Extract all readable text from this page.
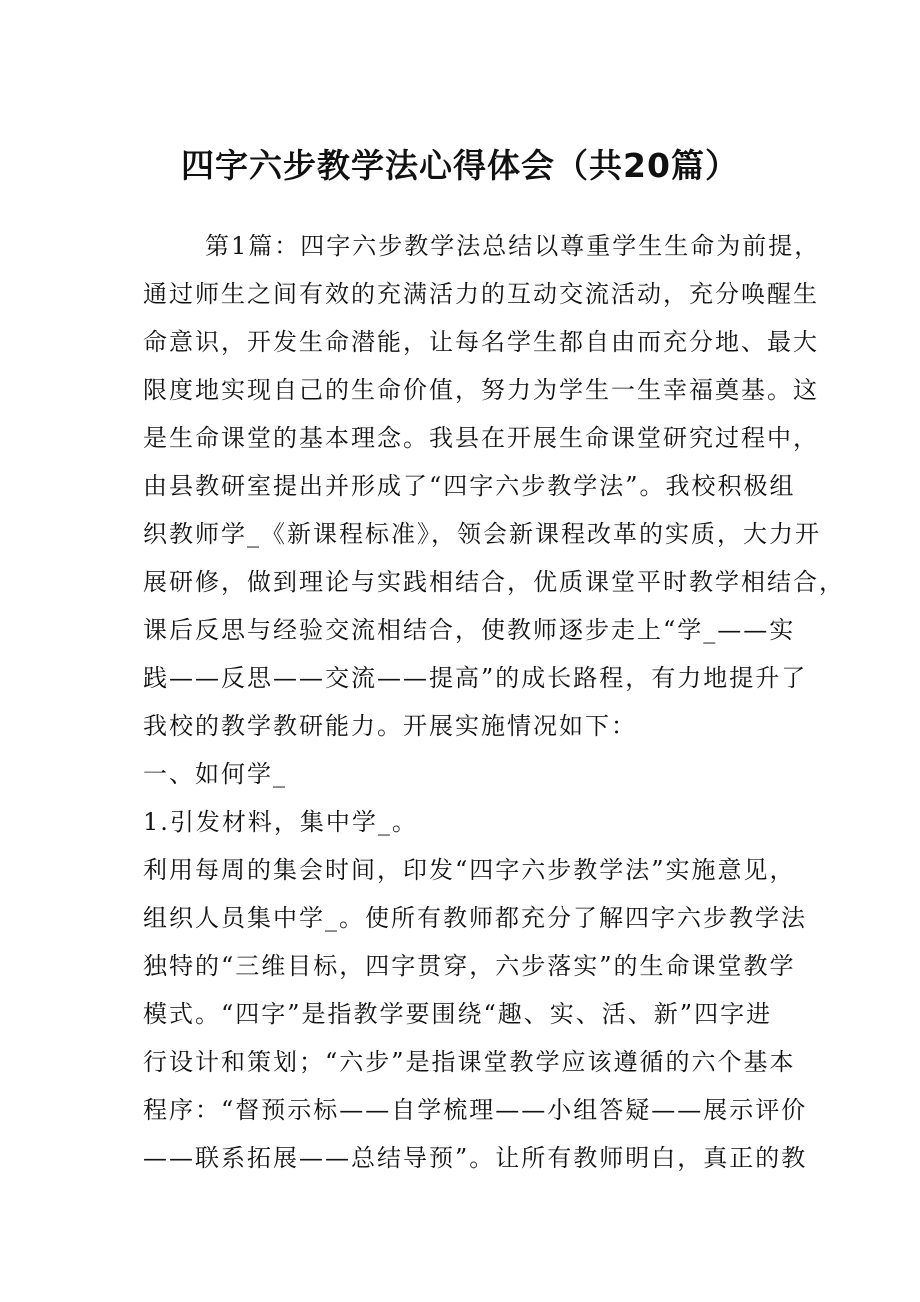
四字六步教学法心得体会（共20篇）
第1篇：四字六步教学法总结以尊重学生生命为前提，
通过师生之间有效的充满活力的互动交流活动，充分唤醒生
命意识，开发生命潜能，让每名学生都自由而充分地、最大
限度地实现自己的生命价值，努力为学生一生幸福奠基。这
是生命课堂的基本理念。我县在开展生命课堂研究过程中，
由县教研室提出并形成了“四字六步教学法”。我校积极组
织教师学_《新课程标准》，领会新课程改革的实质，大力开
展研修，做到理论与实践相结合，优质课堂平时教学相结合，
课后反思与经验交流相结合，使教师逐步走上“学_——实
践——反思——交流——提高”的成长路程，有力地提升了
我校的教学教研能力。开展实施情况如下：
一、如何学_
1.引发材料，集中学_。
利用每周的集会时间，印发“四字六步教学法”实施意见，
组织人员集中学_。使所有教师都充分了解四字六步教学法
独特的“三维目标，四字贯穿，六步落实”的生命课堂教学
模式。“四字”是指教学要围绕“趣、实、活、新”四字进
行设计和策划；“六步”是指课堂教学应该遵循的六个基本
程序：“督预示标——自学梳理——小组答疑——展示评价
——联系拓展——总结导预”。让所有教师明白，真正的教
